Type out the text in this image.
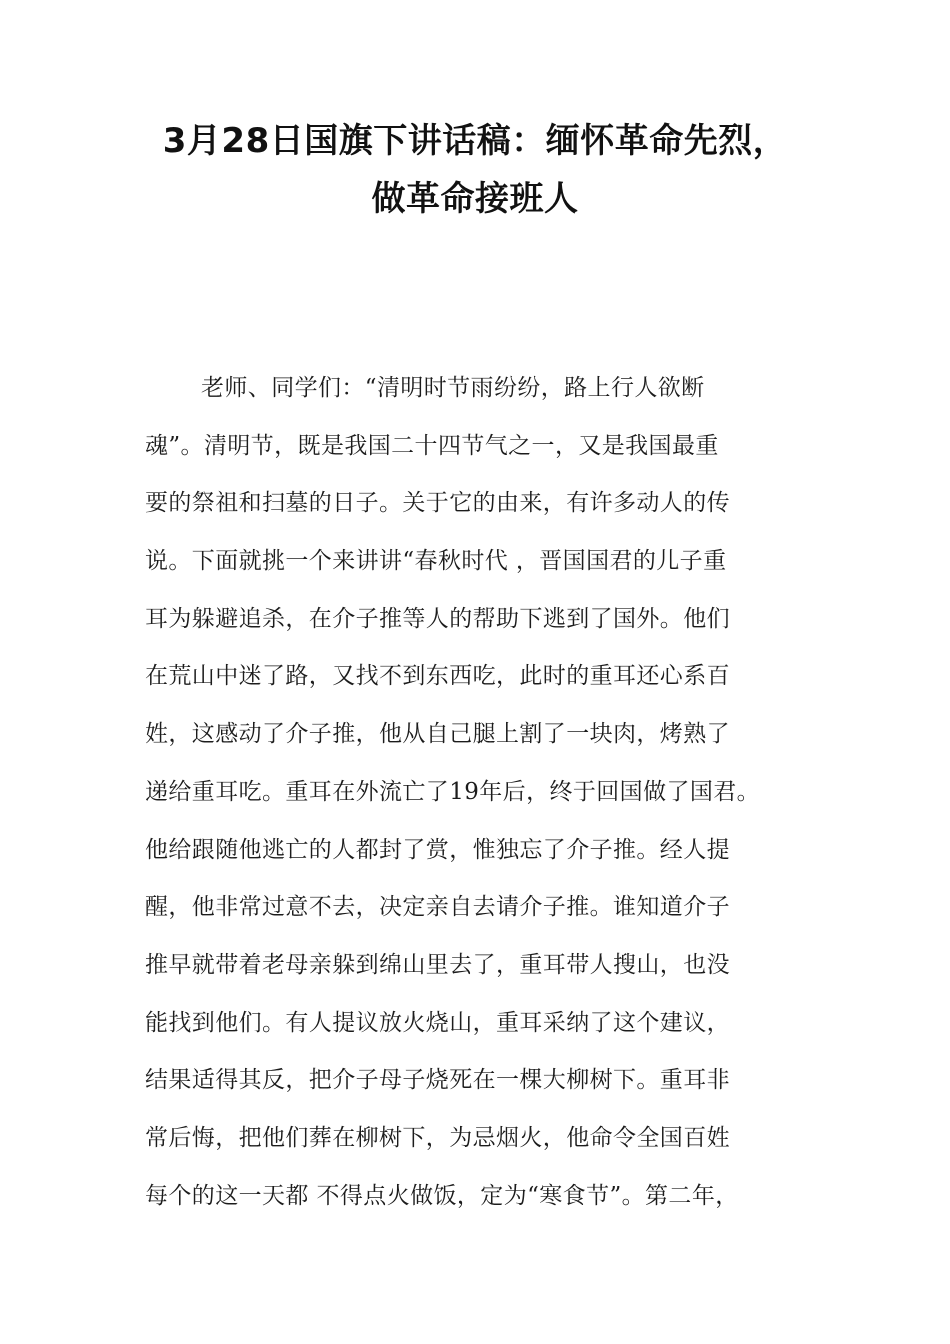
3月28日国旗下讲话稿：缅怀革命先烈，
做革命接班人
老师、同学们：“清明时节雨纷纷，路上行人欲断
魂”。清明节，既是我国二十四节气之一，又是我国最重
要的祭祖和扫墓的日子。关于它的由来，有许多动人的传
说。下面就挑一个来讲讲“春秋时代 ，晋国国君的儿子重
耳为躲避追杀，在介子推等人的帮助下逃到了国外。他们
在荒山中迷了路，又找不到东西吃，此时的重耳还心系百
姓，这感动了介子推，他从自己腿上割了一块肉，烤熟了
递给重耳吃。重耳在外流亡了19年后，终于回国做了国君。
他给跟随他逃亡的人都封了赏，惟独忘了介子推。经人提
醒，他非常过意不去，决定亲自去请介子推。谁知道介子
推早就带着老母亲躲到绵山里去了，重耳带人搜山，也没
能找到他们。有人提议放火烧山，重耳采纳了这个建议，
结果适得其反，把介子母子烧死在一棵大柳树下。重耳非
常后悔，把他们葬在柳树下，为忌烟火，他命令全国百姓
每个的这一天都 不得点火做饭，定为“寒食节”。第二年，
